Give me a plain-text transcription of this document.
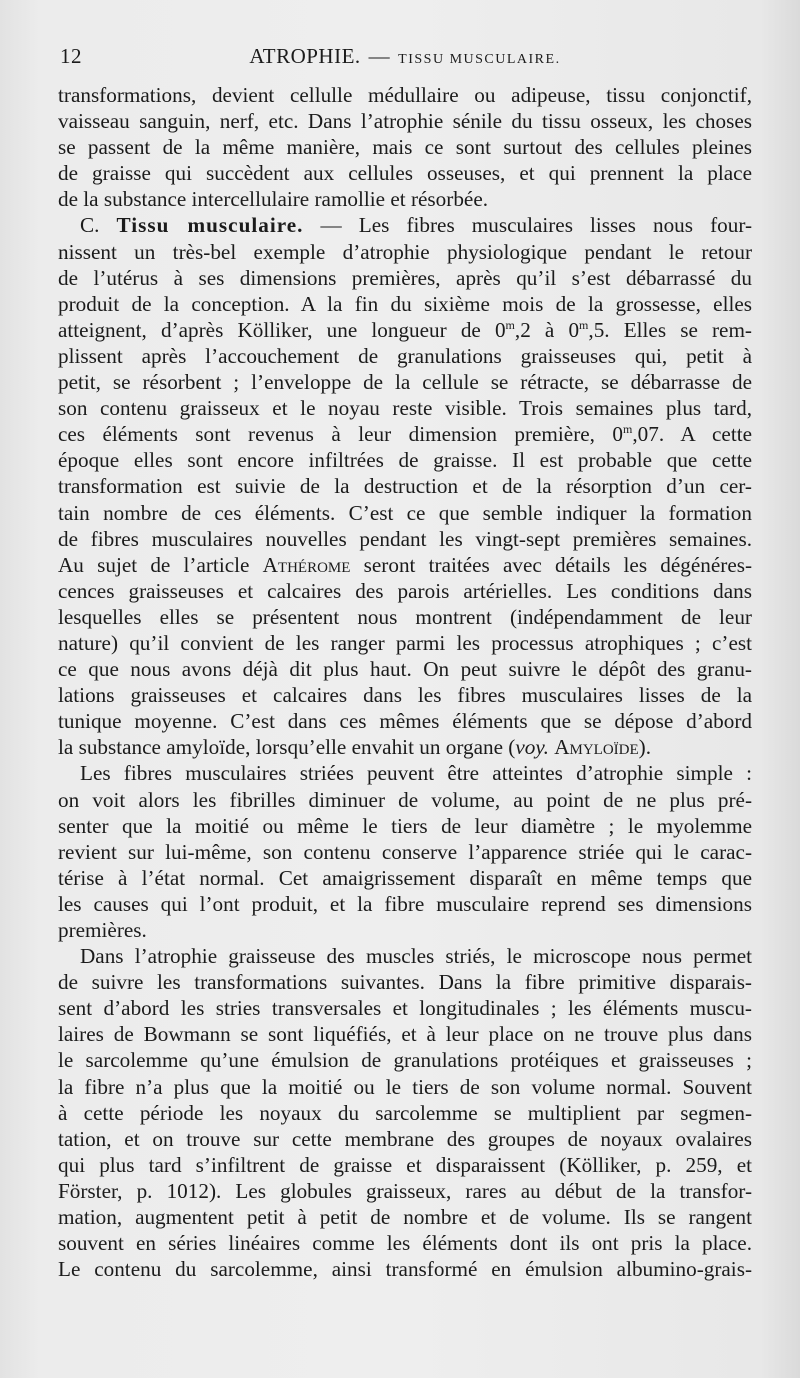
12	ATROPHIE. — TISSU MUSCULAIRE.
transformations, devient cellulle médullaire ou adipeuse, tissu conjonctif,
vaisseau sanguin, nerf, etc. Dans l’atrophie sénile du tissu osseux, les choses
se passent de la même manière, mais ce sont surtout des cellules pleines
de graisse qui succèdent aux cellules osseuses, et qui prennent la place
de la substance intercellulaire ramollie et résorbée.
C. Tissu musculaire. — Les fibres musculaires lisses nous four-
nissent un très-bel exemple d’atrophie physiologique pendant le retour
de l’utérus à ses dimensions premières, après qu’il s’est débarrassé du
produit de la conception. A la fin du sixième mois de la grossesse, elles
atteignent, d’après Kölliker, une longueur de 0$^m$,2 à 0$^m$,5. Elles se rem-
plissent après l’accouchement de granulations graisseuses qui, petit à
petit, se résorbent ; l’enveloppe de la cellule se rétracte, se débarrasse de
son contenu graisseux et le noyau reste visible. Trois semaines plus tard,
ces éléments sont revenus à leur dimension première, 0$^m$,07. A cette
époque elles sont encore infiltrées de graisse. Il est probable que cette
transformation est suivie de la destruction et de la résorption d’un cer-
tain nombre de ces éléments. C’est ce que semble indiquer la formation
de fibres musculaires nouvelles pendant les vingt-sept premières semaines.
Au sujet de l’article Athérome seront traitées avec détails les dégénéres-
cences graisseuses et calcaires des parois artérielles. Les conditions dans
lesquelles elles se présentent nous montrent (indépendamment de leur
nature) qu’il convient de les ranger parmi les processus atrophiques ; c’est
ce que nous avons déjà dit plus haut. On peut suivre le dépôt des granu-
lations graisseuses et calcaires dans les fibres musculaires lisses de la
tunique moyenne. C’est dans ces mêmes éléments que se dépose d’abord
la substance amyloïde, lorsqu’elle envahit un organe (voy. Amyloïde).
Les fibres musculaires striées peuvent être atteintes d’atrophie simple :
on voit alors les fibrilles diminuer de volume, au point de ne plus pré-
senter que la moitié ou même le tiers de leur diamètre ; le myolemme
revient sur lui-même, son contenu conserve l’apparence striée qui le carac-
térise à l’état normal. Cet amaigrissement disparaît en même temps que
les causes qui l’ont produit, et la fibre musculaire reprend ses dimensions
premières.
Dans l’atrophie graisseuse des muscles striés, le microscope nous permet
de suivre les transformations suivantes. Dans la fibre primitive disparais-
sent d’abord les stries transversales et longitudinales ; les éléments muscu-
laires de Bowmann se sont liquéfiés, et à leur place on ne trouve plus dans
le sarcolemme qu’une émulsion de granulations protéiques et graisseuses ;
la fibre n’a plus que la moitié ou le tiers de son volume normal. Souvent
à cette période les noyaux du sarcolemme se multiplient par segmen-
tation, et on trouve sur cette membrane des groupes de noyaux ovalaires
qui plus tard s’infiltrent de graisse et disparaissent (Kölliker, p. 259, et
Förster, p. 1012). Les globules graisseux, rares au début de la transfor-
mation, augmentent petit à petit de nombre et de volume. Ils se rangent
souvent en séries linéaires comme les éléments dont ils ont pris la place.
Le contenu du sarcolemme, ainsi transformé en émulsion albumino-grais-
